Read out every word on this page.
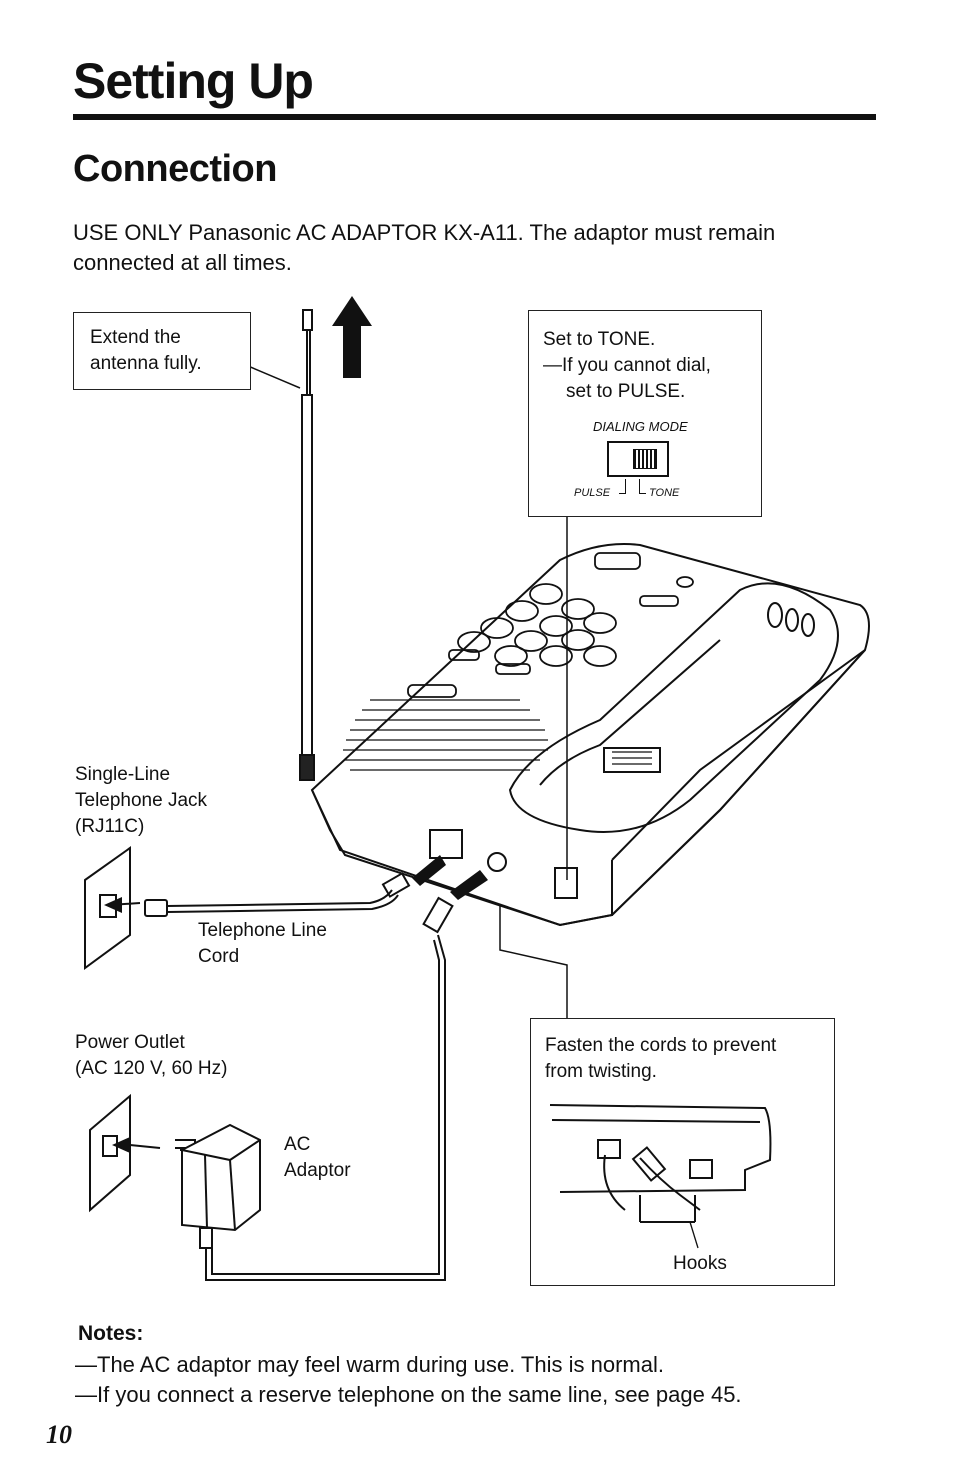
Setting Up
Connection
USE ONLY Panasonic AC ADAPTOR KX-A11. The adaptor must remain connected at all times.
Extend the
antenna fully.
Set to TONE.
—If you cannot dial,
set to PULSE.
DIALING MODE
PULSE	TONE
Single-Line
Telephone Jack
(RJ11C)
Telephone Line
Cord
Power Outlet
(AC 120 V, 60 Hz)
AC
Adaptor
Fasten the cords to prevent
from twisting.
Hooks
Notes:
—The AC adaptor may feel warm during use. This is normal.
—If you connect a reserve telephone on the same line, see page 45.
10
